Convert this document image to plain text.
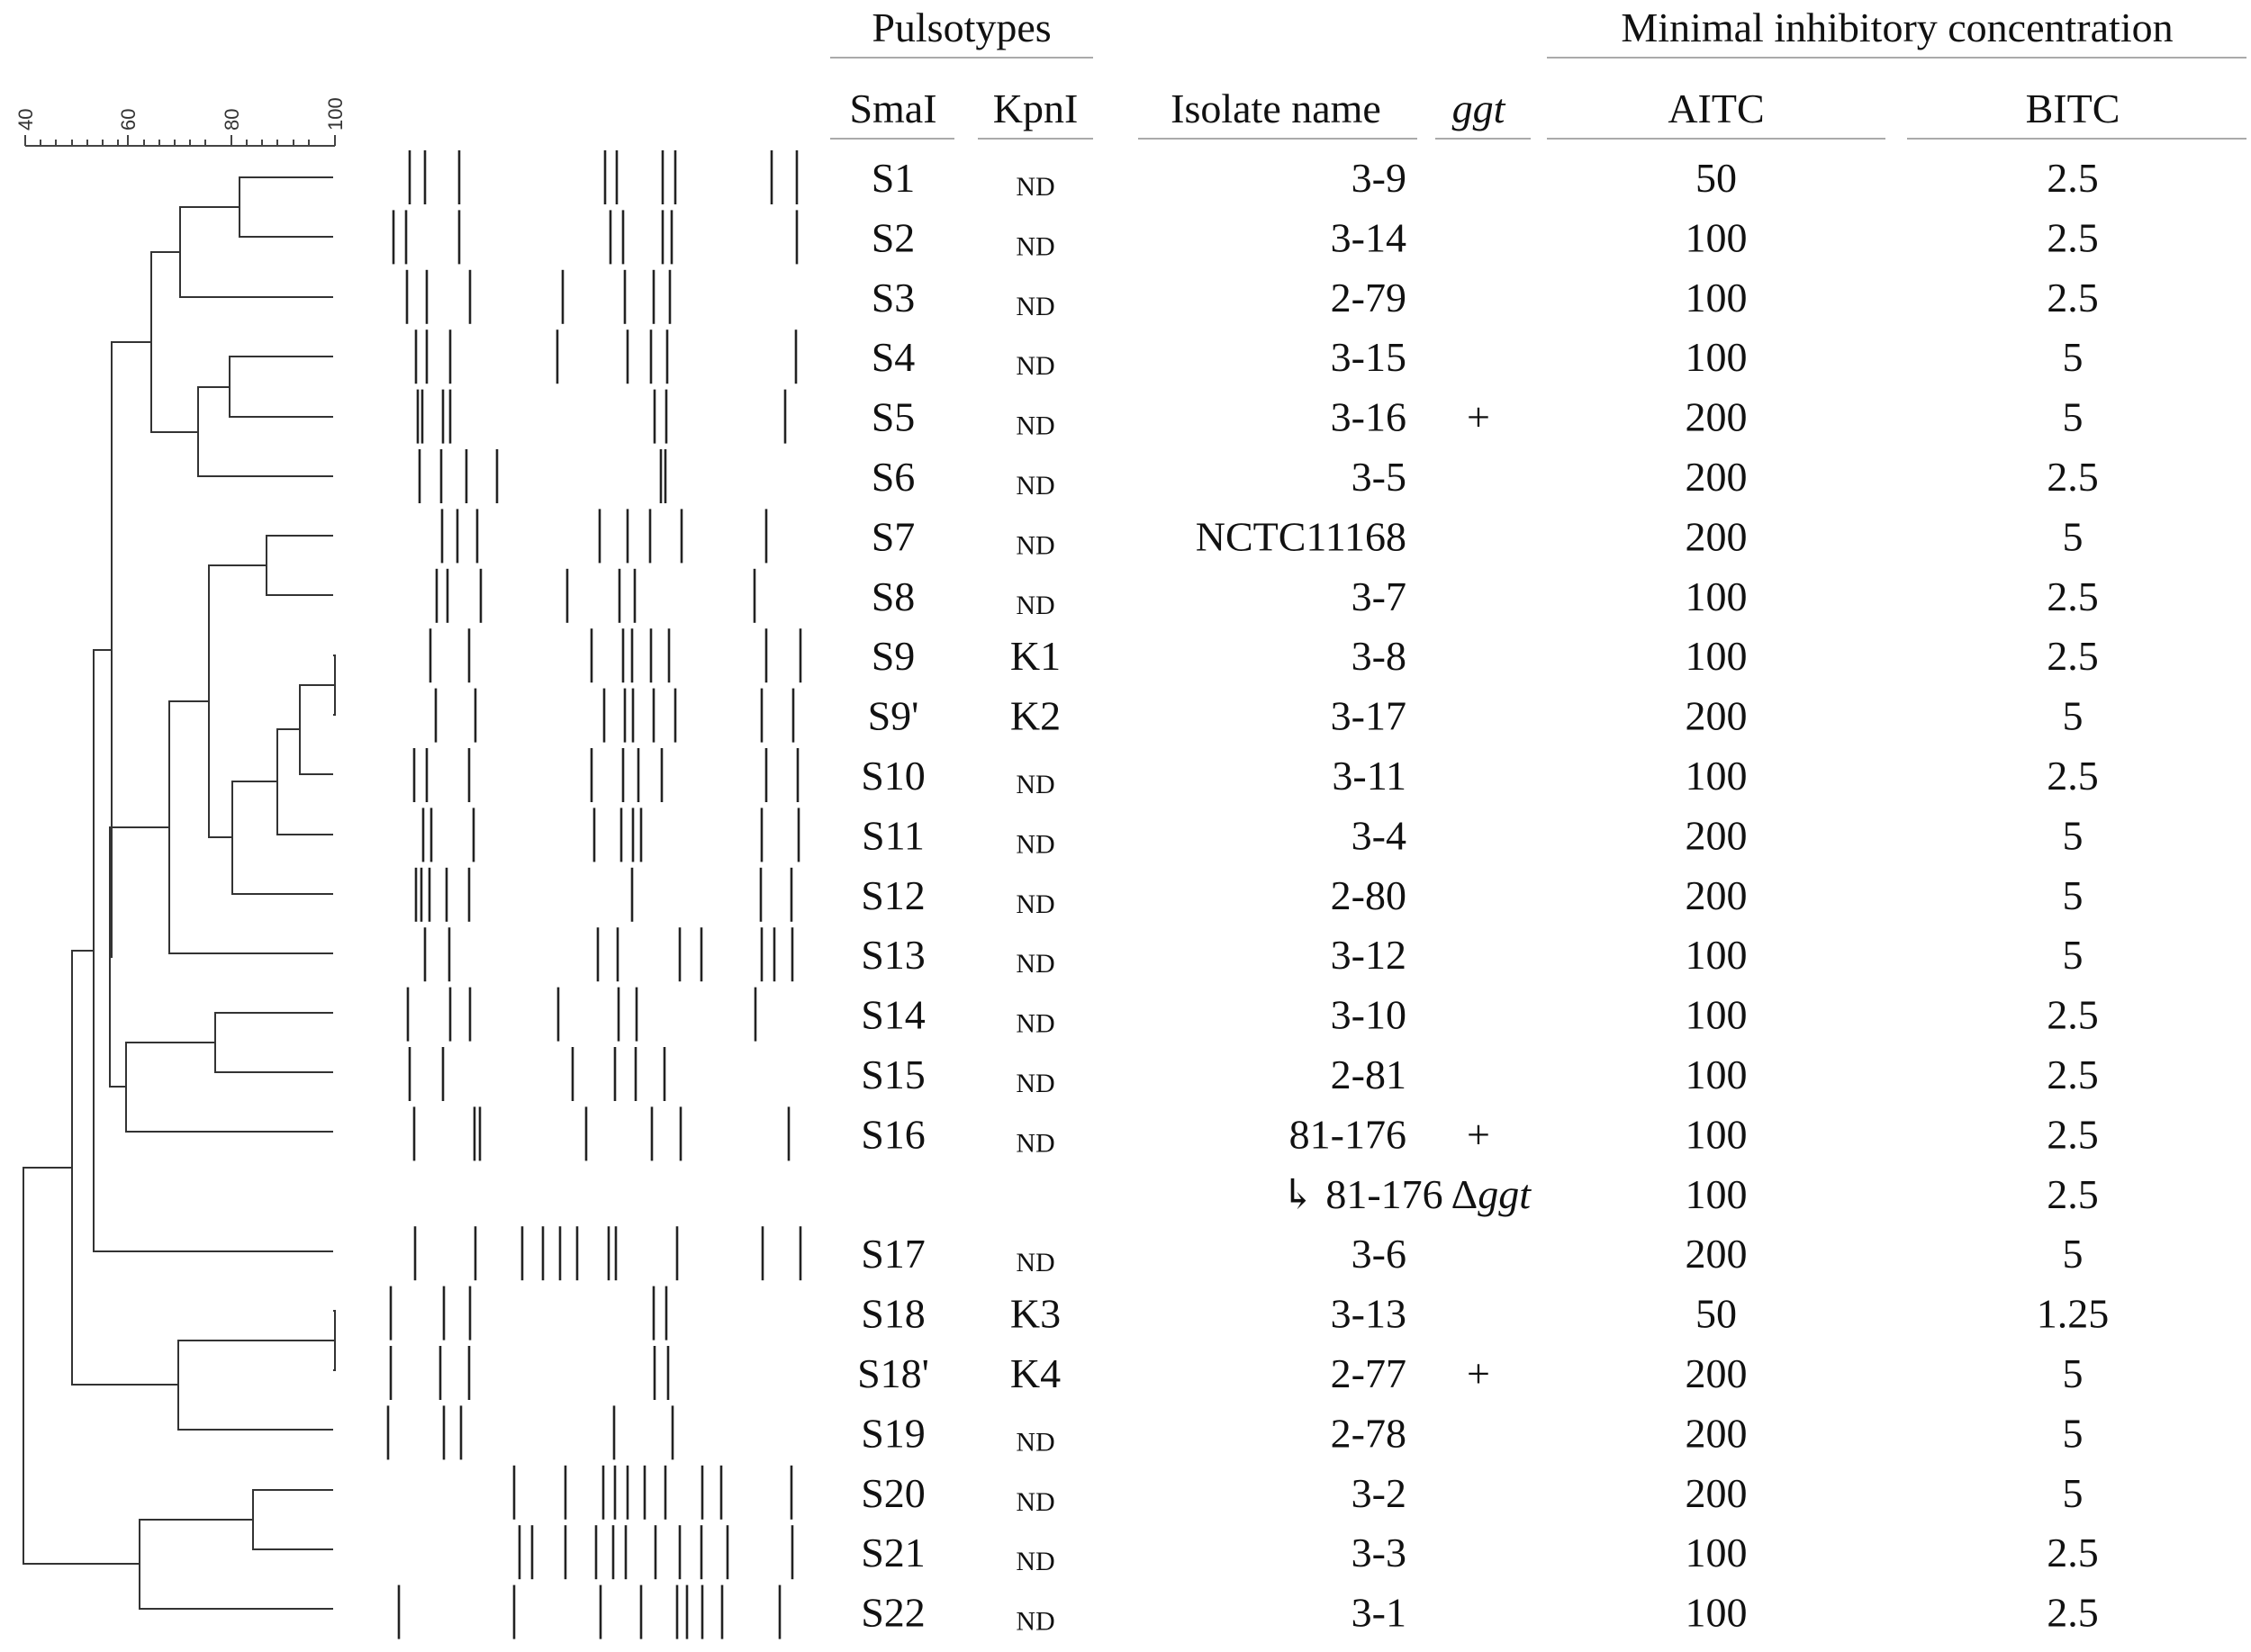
Pulsotypes	Minimal inhibitory concentration
SmaI KpnI Isolate name ggt	AITC	BITC
40	60	80	100
S1	ND	3-9	50	2.5
S2	ND	3-14	100	2.5
S3	ND	2-79	100	2.5
S4	ND	3-15	100	5
S5	ND	3-16 +	200	5
S6	ND	3-5	200	2.5
S7	ND	NCTC11168	200	5
S8	ND	3-7	100	2.5
S9 K1	3-8	100	2.5
S9' K2	3-17	200	5
S10	ND	3-11	100	2.5
S11	ND	3-4	200	5
S12	ND	2-80	200	5
S13	ND	3-12	100	5
S14	ND	3-10	100	2.5
S15	ND	2-81	100	2.5
S16	ND	81-176 +	100	2.5
↳ 81-176 Δggt	100	2.5
S17	ND	3-6	200	5
S18 K3	3-13	50	1.25
S18' K4	2-77 +	200	5
S19	ND	2-78	200	5
S20	ND	3-2	200	5
S21	ND	3-3	100	2.5
S22	ND	3-1	100	2.5
